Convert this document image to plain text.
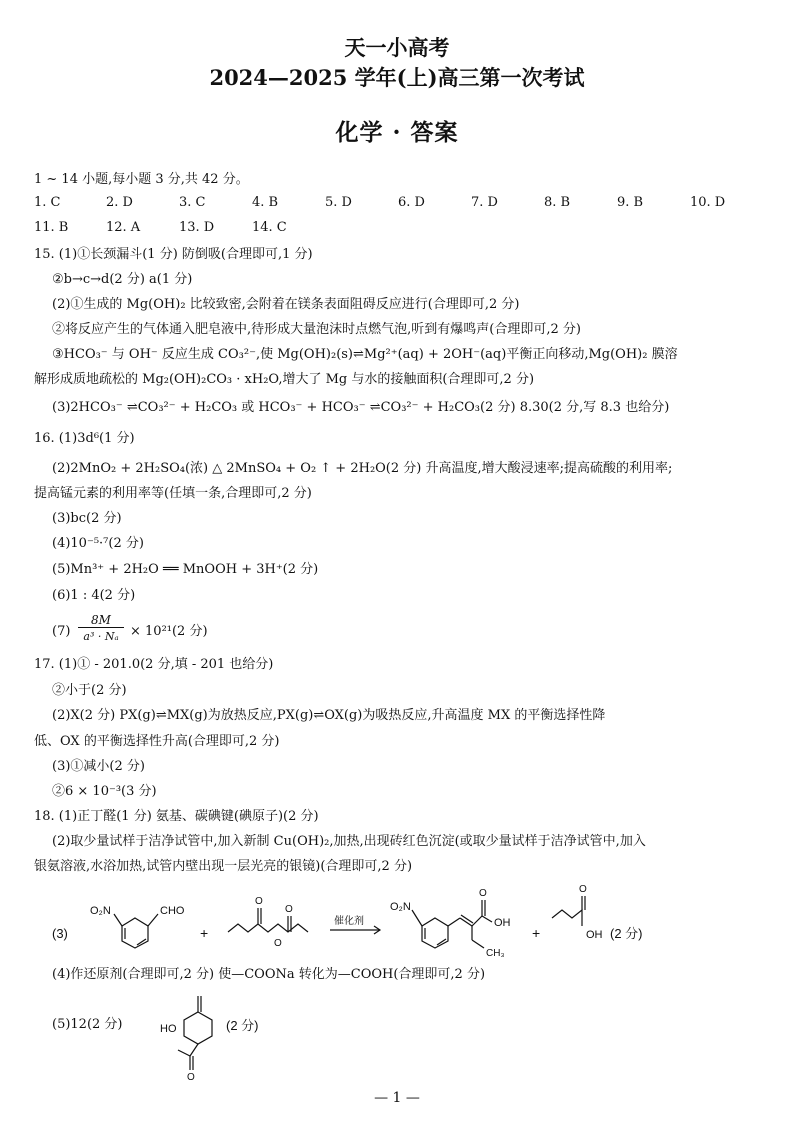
天一小高考
2024—2025 学年(上)高三第一次考试
化学 · 答案
1 ~ 14 小题,每小题 3 分,共 42 分。
1. C	2. D	3. C	4. B	5. D	6. D	7. D	8. B	9. B	10. D
11. B	12. A	13. D	14. C
15. (1)①长颈漏斗(1 分) 防倒吸(合理即可,1 分)
②b→c→d(2 分) a(1 分)
(2)①生成的 Mg(OH)₂ 比较致密,会附着在镁条表面阻碍反应进行(合理即可,2 分)
②将反应产生的气体通入肥皂液中,待形成大量泡沫时点燃气泡,听到有爆鸣声(合理即可,2 分)
③HCO₃⁻ 与 OH⁻ 反应生成 CO₃²⁻,使 Mg(OH)₂(s)⇌Mg²⁺(aq) + 2OH⁻(aq)平衡正向移动,Mg(OH)₂ 膜溶
解形成质地疏松的 Mg₂(OH)₂CO₃ · xH₂O,增大了 Mg 与水的接触面积(合理即可,2 分)
(3)2HCO₃⁻ ⇌CO₃²⁻ + H₂CO₃ 或 HCO₃⁻ + HCO₃⁻ ⇌CO₃²⁻ + H₂CO₃(2 分) 8.30(2 分,写 8.3 也给分)
16. (1)3d⁶(1 分)
(2)2MnO₂ + 2H₂SO₄(浓) △ 2MnSO₄ + O₂ ↑ + 2H₂O(2 分) 升高温度,增大酸浸速率;提高硫酸的利用率;
提高锰元素的利用率等(任填一条,合理即可,2 分)
(3)bc(2 分)
(4)10⁻⁵·⁷(2 分)
(5)Mn³⁺ + 2H₂O ══ MnOOH + 3H⁺(2 分)
(6)1 : 4(2 分)
(7)
8M
a³ · Nₐ × 10²¹(2 分)
17. (1)① - 201.0(2 分,填 - 201 也给分)
②小于(2 分)
(2)X(2 分) PX(g)⇌MX(g)为放热反应,PX(g)⇌OX(g)为吸热反应,升高温度 MX 的平衡选择性降
低、OX 的平衡选择性升高(合理即可,2 分)
(3)①减小(2 分)
②6 × 10⁻³(3 分)
18. (1)正丁醛(1 分) 氨基、碳碘键(碘原子)(2 分)
(2)取少量试样于洁净试管中,加入新制 Cu(OH)₂,加热,出现砖红色沉淀(或取少量试样于洁净试管中,加入
银氨溶液,水浴加热,试管内壁出现一层光亮的银镜)(合理即可,2 分)
(3)
O₂N	CHO
+
O
O
O
催化剂
O₂N
O
OH
CH₃
+
O
OH (2 分)
(4)作还原剂(合理即可,2 分) 使—COONa 转化为—COOH(合理即可,2 分)
(5)12(2 分)	HO
O
(2 分)
— 1 —
